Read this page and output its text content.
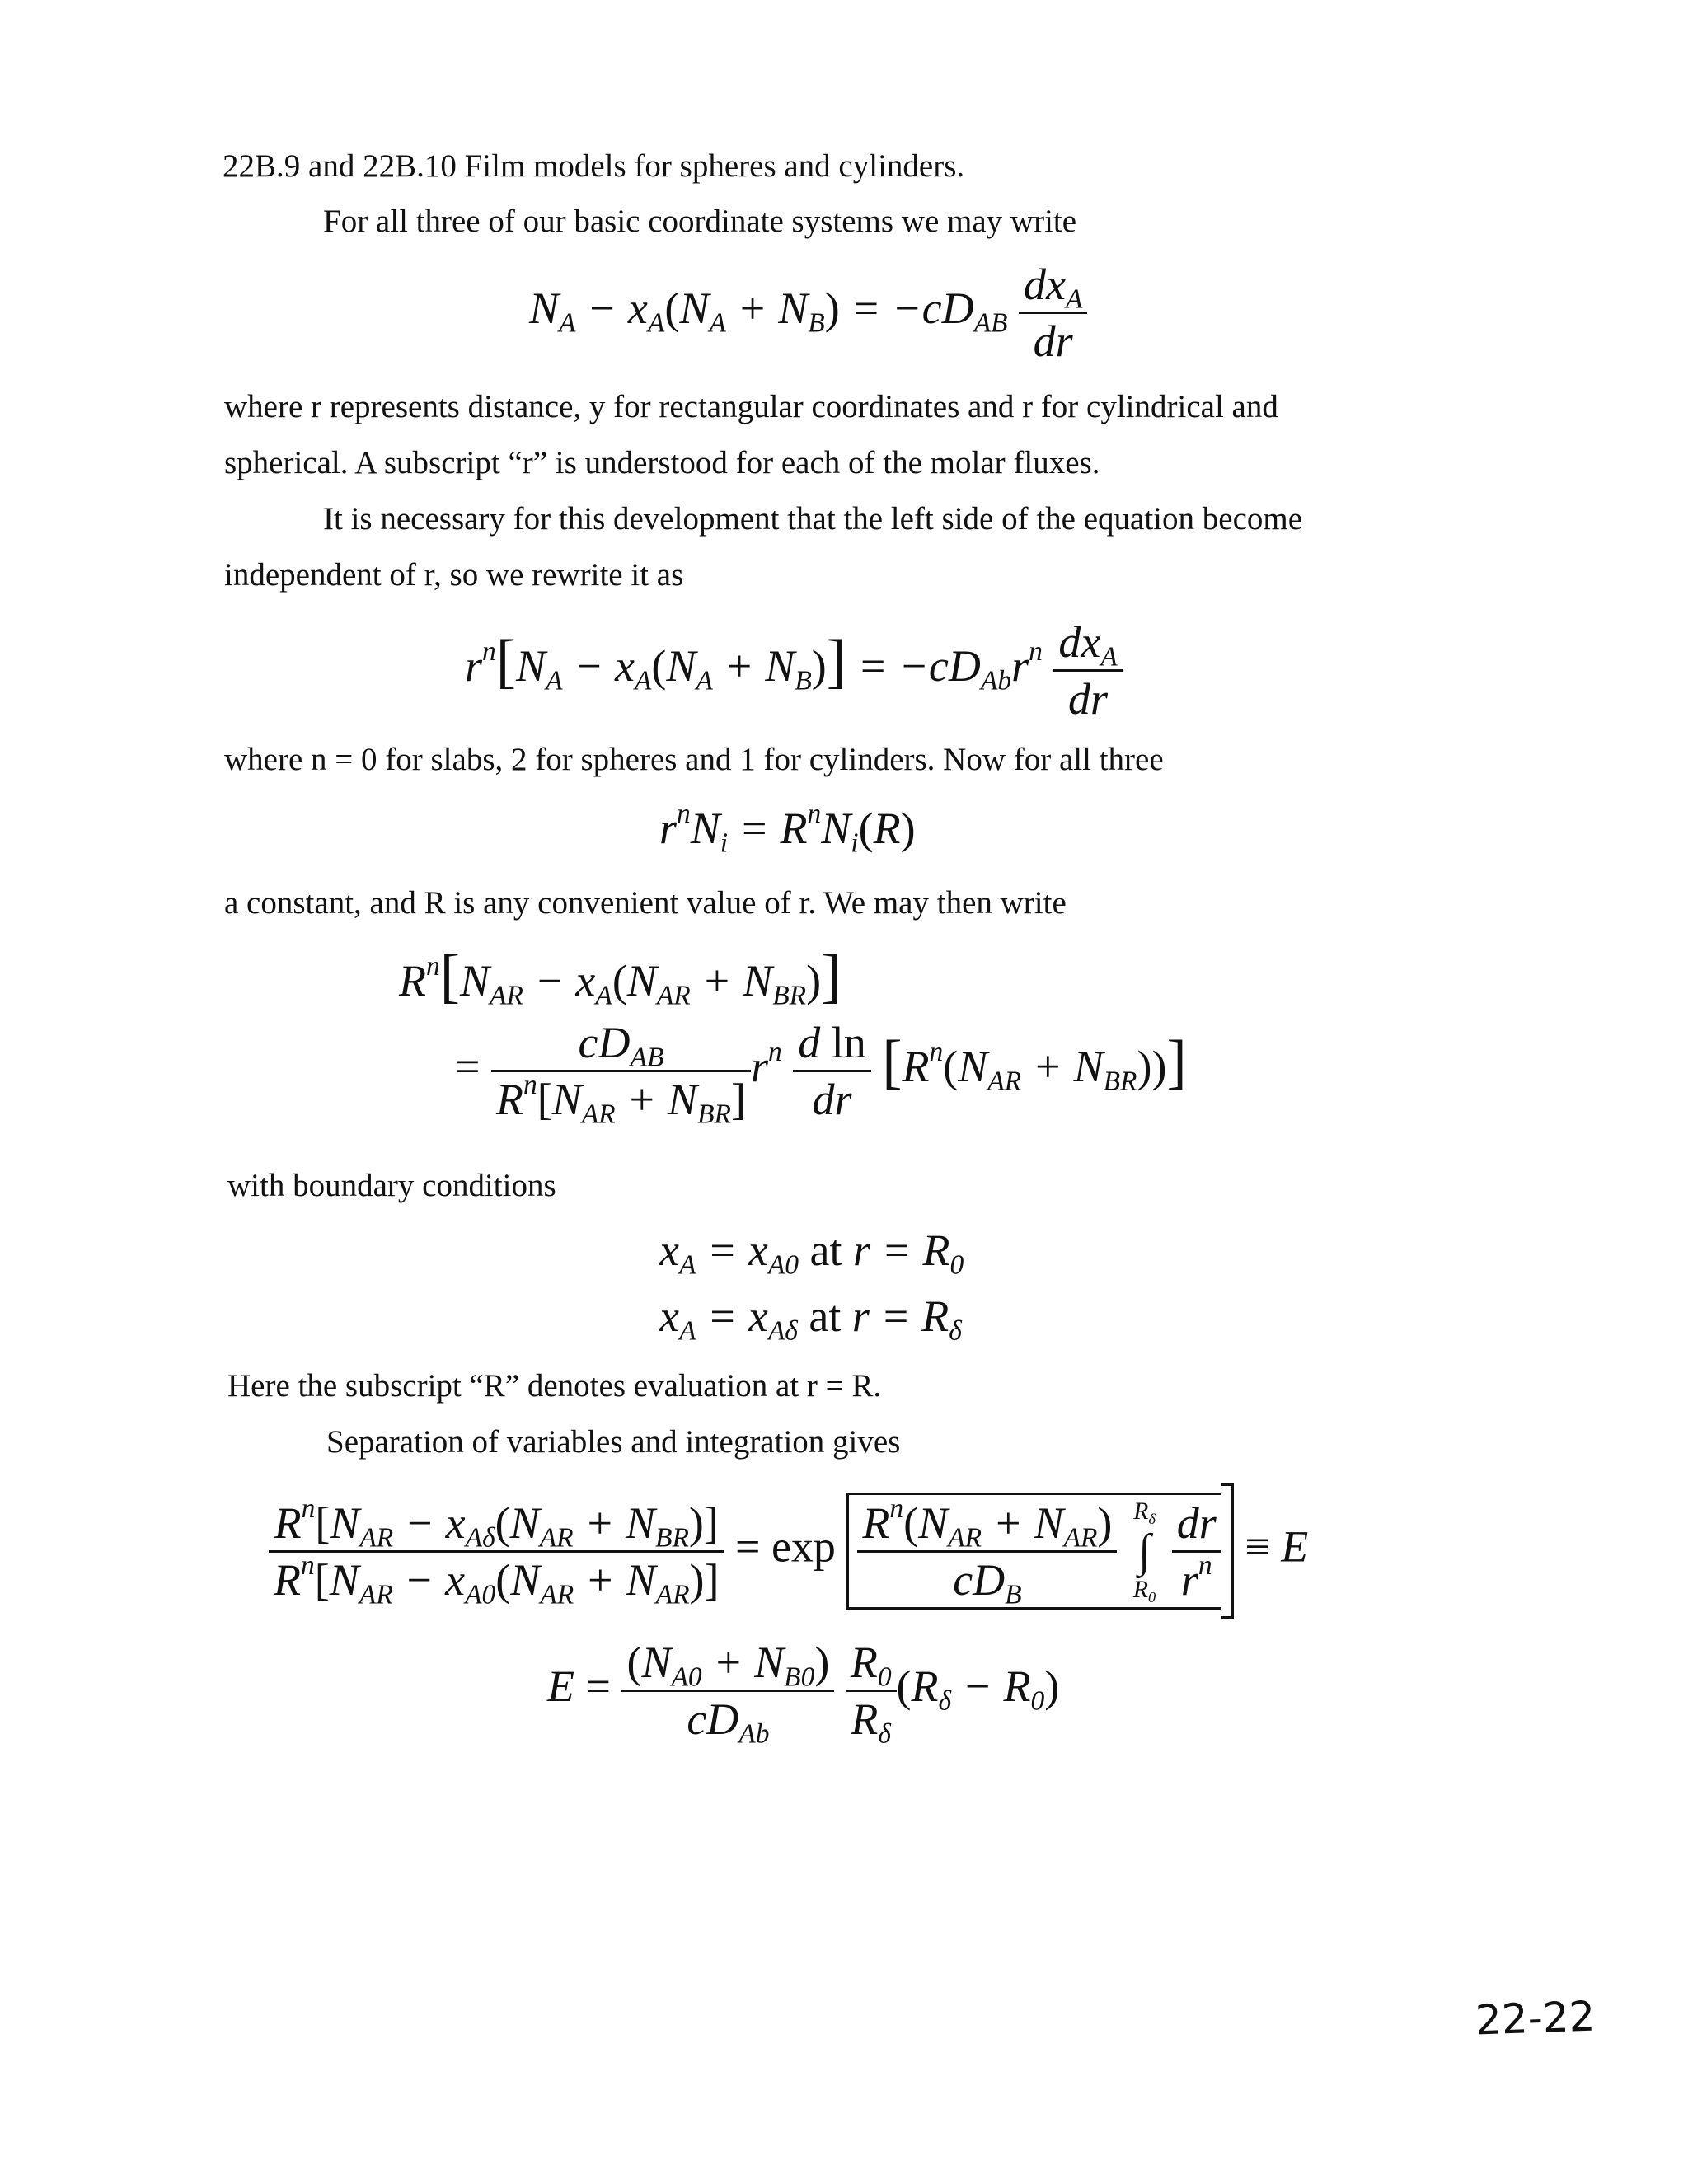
22B.9 and 22B.10 Film models for spheres and cylinders.
For all three of our basic coordinate systems we may write
$N_A - x_A(N_A + N_B) = -cD_{AB} \frac{dx_A}{dr}$
where r represents distance, y for rectangular coordinates and r for cylindrical and
spherical. A subscript “r” is understood for each of the molar fluxes.
It is necessary for this development that the left side of the equation become
independent of r, so we rewrite it as
$r^n[N_A - x_A(N_A + N_B)] = -cD_{Ab}r^n \frac{dx_A}{dr}$
where n = 0 for slabs, 2 for spheres and 1 for cylinders. Now for all three
$r^nN_i = R^nN_i(R)$
a constant, and R is any convenient value of r. We may then write
$R^n[N_{AR} - x_A(N_{AR} + N_{BR})]$
= $\frac{cD_{AB}}{R^n[N_{AR} + N_{BR}]} r^n \frac{\text{d ln}}{dr} [R^n(N_{AR} + N_{BR}))$]
with boundary conditions
$x_A = x_{A0}$ at $r = R_0$
$x_A = x_{A\delta}$ at $r = R_\delta$
Here the subscript “R” denotes evaluation at r = R.
Separation of variables and integration gives
$\frac{R^n[N_{AR} - x_{A\delta}(N_{AR} + N_{BR})]}{R^n[N_{AR} - x_{A0}(N_{AR} + N_{AR})]} = \exp \frac{R^n(N_{AR} + N_{AR})}{cD_B} R_\delta$
∫
$R_0 \frac{dr}{r^n} \equiv E$
$E = \frac{(N_{A0} + N_{B0})}{cD_{Ab}}$
$\frac{R_0}{R_\delta} (R_\delta - R_0)$
22-22
